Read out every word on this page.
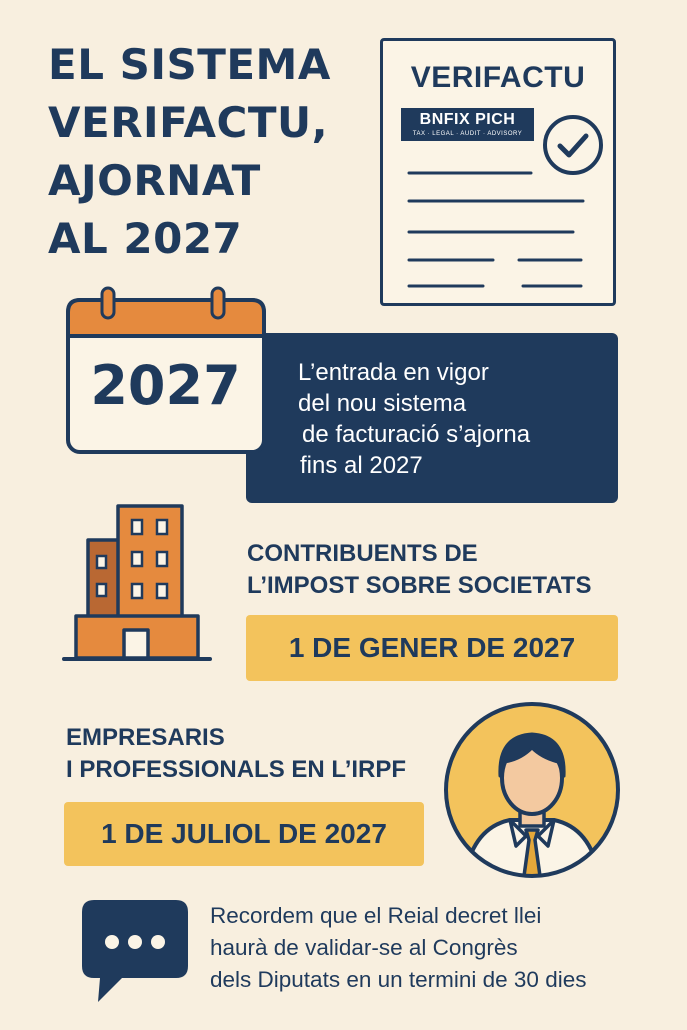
EL SISTEMA
VERIFACTU,
AJORNAT
AL 2027
VERIFACTU
BNFIX PICH
TAX · LEGAL · AUDIT · ADVISORY
L’entrada en vigor
del nou sistema
de facturació s’ajorna
fins al 2027
2027
CONTRIBUENTS DE
L’IMPOST SOBRE SOCIETATS
1 DE GENER DE 2027
EMPRESARIS
I PROFESSIONALS EN L’IRPF
1 DE JULIOL DE 2027
Recordem que el Reial decret llei
haurà de validar-se al Congrès
dels Diputats en un termini de 30 dies
